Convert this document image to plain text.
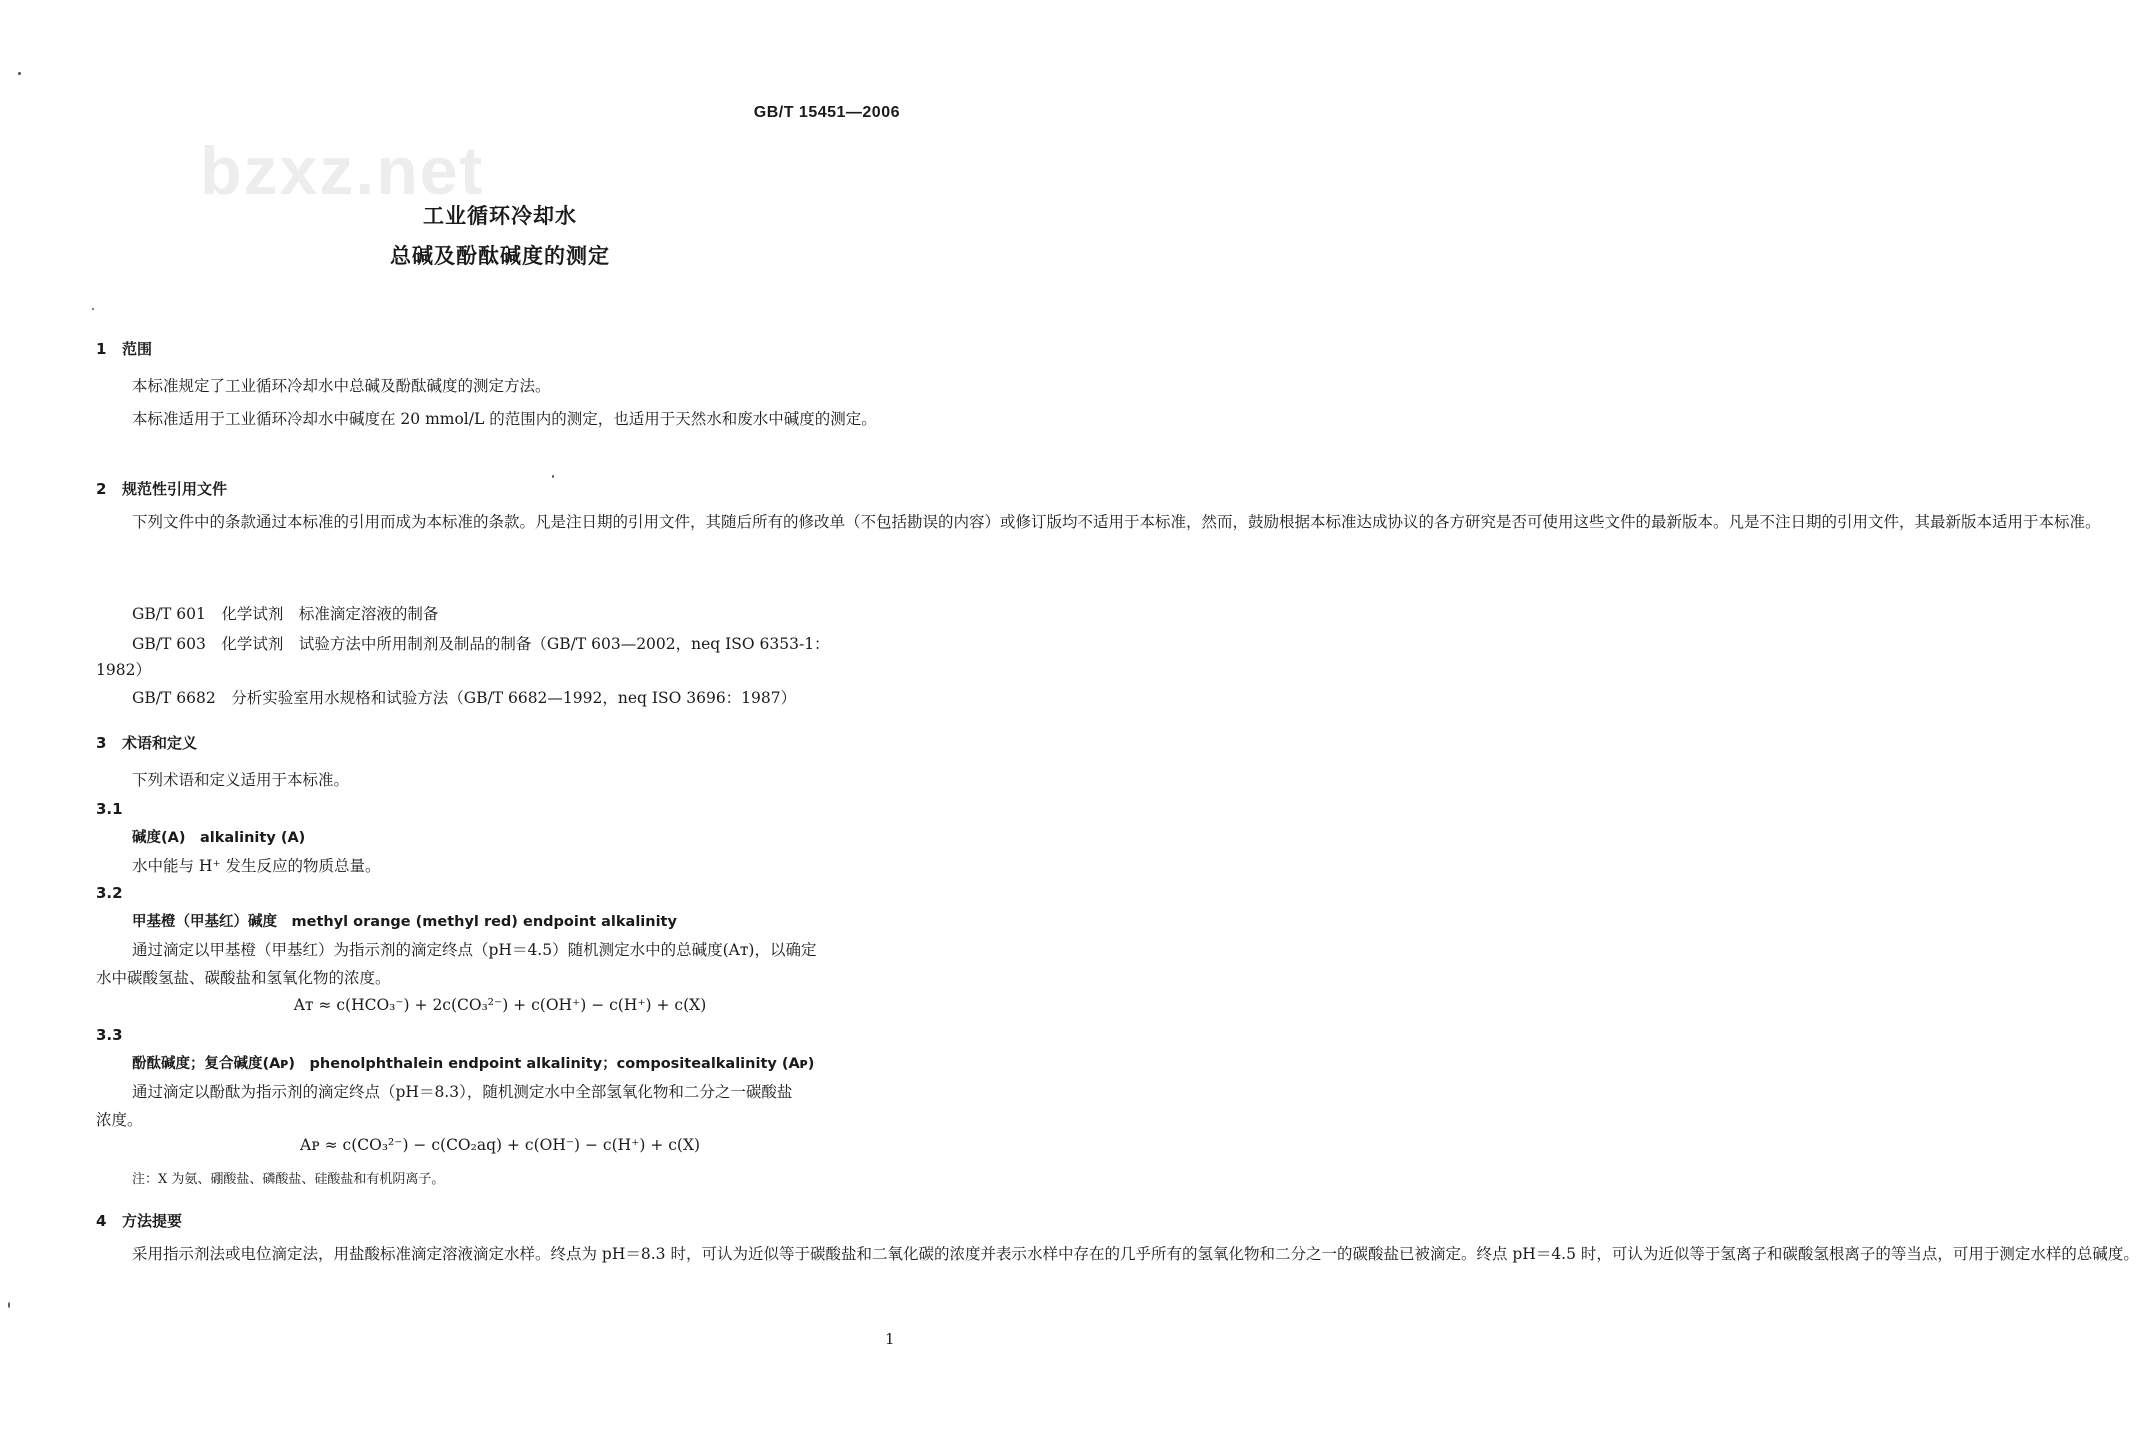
GB/T 15451—2006
bzxz.net
工业循环冷却水
总碱及酚酞碱度的测定
1 范围

本标准规定了工业循环冷却水中总碱及酚酞碱度的测定方法。

本标准适用于工业循环冷却水中碱度在 20 mmol/L 的范围内的测定，也适用于天然水和废水中碱度的测定。

2 规范性引用文件

下列文件中的条款通过本标准的引用而成为本标准的条款。凡是注日期的引用文件，其随后所有的修改单（不包括勘误的内容）或修订版均不适用于本标准，然而，鼓励根据本标准达成协议的各方研究是否可使用这些文件的最新版本。凡是不注日期的引用文件，其最新版本适用于本标准。

GB/T 601　化学试剂　标准滴定溶液的制备
GB/T 603　化学试剂　试验方法中所用制剂及制品的制备（GB/T 603—2002，neq ISO 6353-1：
1982）
GB/T 6682　分析实验室用水规格和试验方法（GB/T 6682—1992，neq ISO 3696：1987）
3 术语和定义
下列术语和定义适用于本标准。
3.1
碱度(A)　alkalinity (A)
水中能与 H⁺ 发生反应的物质总量。
3.2
甲基橙（甲基红）碱度　methyl orange (methyl red) endpoint alkalinity
通过滴定以甲基橙（甲基红）为指示剂的滴定终点（pH＝4.5）随机测定水中的总碱度(Aᴛ)，以确定
水中碳酸氢盐、碳酸盐和氢氧化物的浓度。
Aᴛ ≈ c(HCO₃⁻) + 2c(CO₃²⁻) + c(OH⁺) − c(H⁺) + c(X)
3.3
酚酞碱度；复合碱度(Aᴘ)　phenolphthalein endpoint alkalinity；compositealkalinity (Aᴘ)
通过滴定以酚酞为指示剂的滴定终点（pH＝8.3），随机测定水中全部氢氧化物和二分之一碳酸盐
浓度。
Aᴘ ≈ c(CO₃²⁻) − c(CO₂aq) + c(OH⁻) − c(H⁺) + c(X)
注：X 为氨、硼酸盐、磷酸盐、硅酸盐和有机阴离子。
4 方法提要

采用指示剂法或电位滴定法，用盐酸标准滴定溶液滴定水样。终点为 pH＝8.3 时，可认为近似等于碳酸盐和二氧化碳的浓度并表示水样中存在的几乎所有的氢氧化物和二分之一的碳酸盐已被滴定。终点 pH＝4.5 时，可认为近似等于氢离子和碳酸氢根离子的等当点，可用于测定水样的总碱度。

1
